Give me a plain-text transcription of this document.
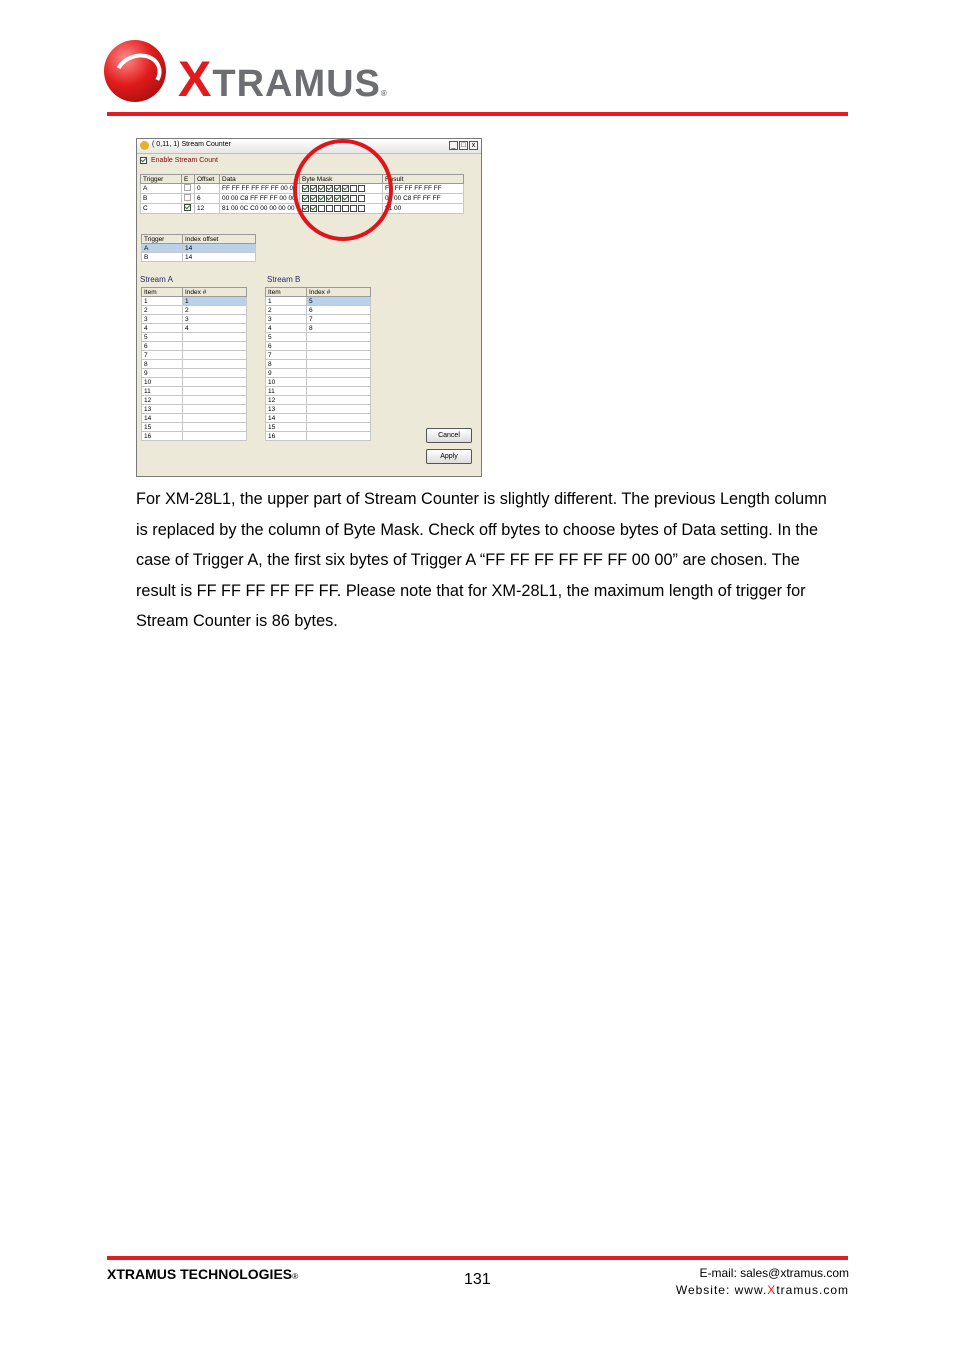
XTRAMUS®
( 0,11, 1) Stream Counter	_ □ x
Enable Stream Count
Trigger	E	Offset	Data	Byte Mask	Result
A		0	FF FF FF FF FF FF 00 00		FF FF FF FF FF FF
B		6	00 00 C8 FF FF FF 00 00		00 00 C8 FF FF FF
C		12	81 00 0C C0 00 00 00 00		81 00
Trigger	Index offset
A	14
B	14
Stream A	Stream B
Item	Index #
1	1
2	2
3	3
4	4
5	
6	
7	
8	
9	
10	
11	
12	
13	
14	
15	
16	
Item	Index #
1	5
2	6
3	7
4	8
5	
6	
7	
8	
9	
10	
11	
12	
13	
14	
15	
16		Cancel
Apply
For XM-28L1, the upper part of Stream Counter is slightly different. The previous Length column is replaced by the column of Byte Mask. Check off bytes to choose bytes of Data setting. In the case of Trigger A, the first six bytes of Trigger A “FF FF FF FF FF FF 00 00” are chosen. The result is FF FF FF FF FF FF. Please note that for XM-28L1, the maximum length of trigger for Stream Counter is 86 bytes.
XTRAMUS TECHNOLOGIES®	131	E-mail: sales@xtramus.com
Website: www.Xtramus.com
